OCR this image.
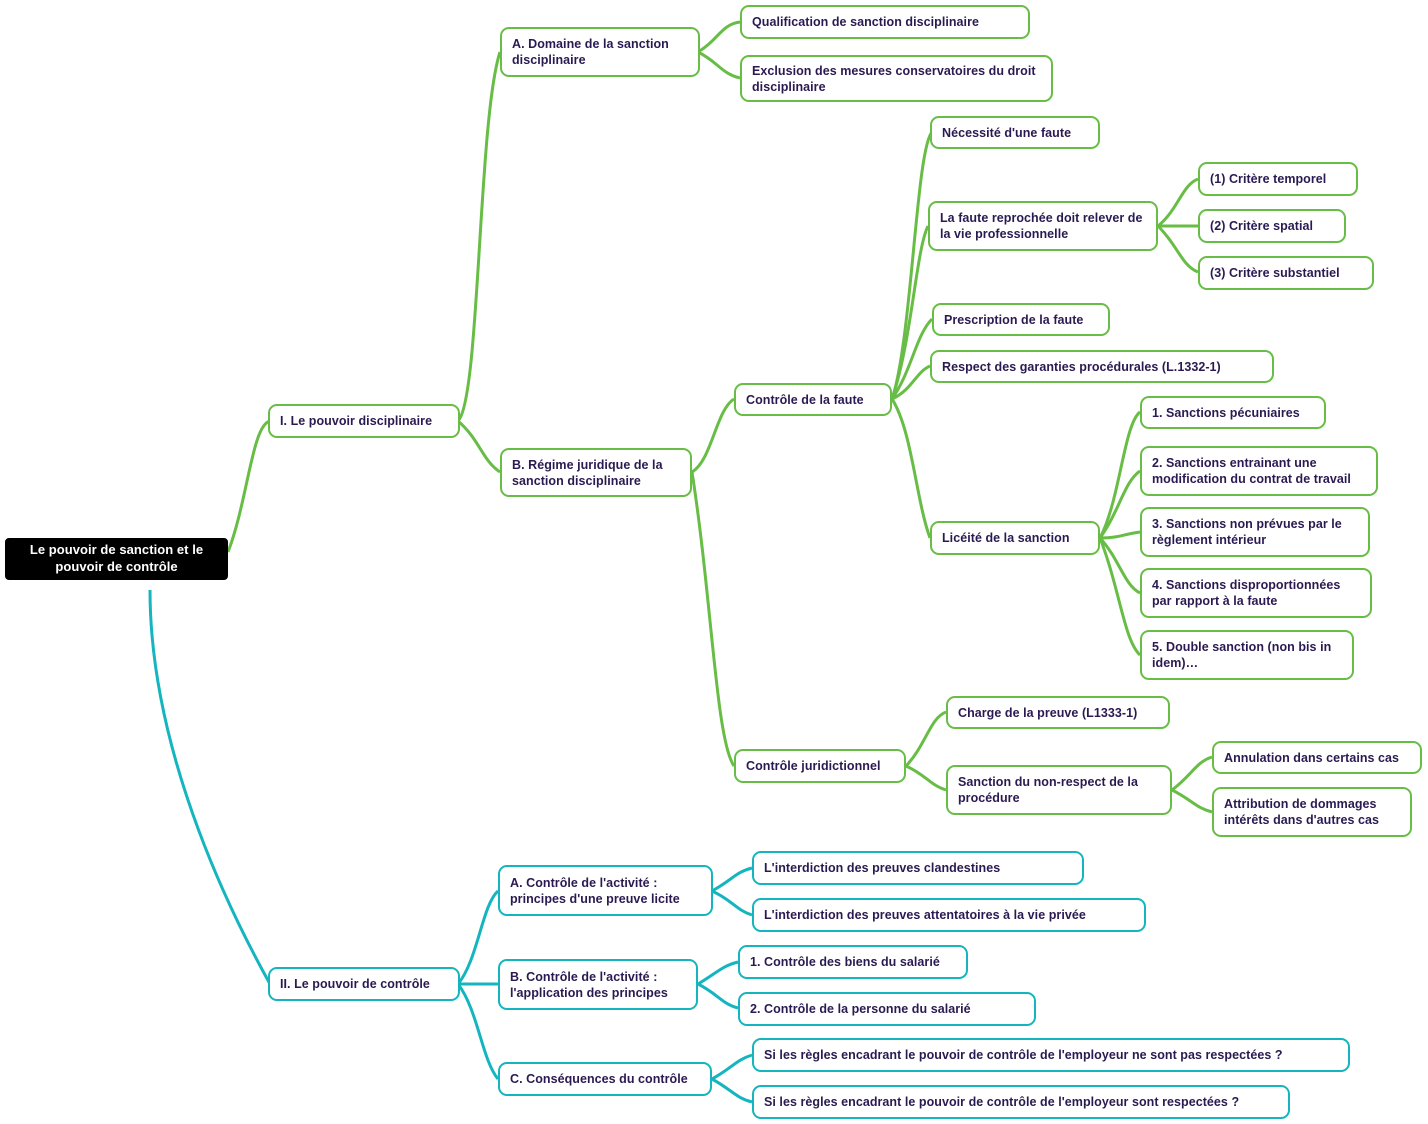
Le pouvoir de sanction et le pouvoir de contrôle
I. Le pouvoir disciplinaire
A. Domaine de la sanction disciplinaire
Qualification de sanction disciplinaire
Exclusion des mesures conservatoires du droit disciplinaire
B. Régime juridique de la sanction disciplinaire
Contrôle de la faute
Nécessité d'une faute
La faute reprochée doit relever de la vie professionnelle
(1) Critère temporel
(2) Critère spatial
(3) Critère substantiel
Prescription de la faute
Respect des garanties procédurales (L.1332-1)
Licéité de la sanction
1. Sanctions pécuniaires
2. Sanctions entrainant une modification du contrat de travail
3. Sanctions non prévues par le règlement intérieur
4. Sanctions disproportionnées par rapport à la faute
5. Double sanction (non bis in idem)…
Contrôle juridictionnel
Charge de la preuve (L1333-1)
Sanction du non-respect de la procédure
Annulation dans certains cas
Attribution de dommages intérêts dans d'autres cas
II. Le pouvoir de contrôle
A. Contrôle de l'activité : principes d'une preuve licite
L'interdiction des preuves clandestines
L'interdiction des preuves attentatoires à la vie privée
B. Contrôle de l'activité : l'application des principes
1. Contrôle des biens du salarié
2. Contrôle de la personne du salarié
C. Conséquences du contrôle
Si les règles encadrant le pouvoir de contrôle de l'employeur ne sont pas respectées ?
Si les règles encadrant le pouvoir de contrôle de l'employeur sont respectées ?
